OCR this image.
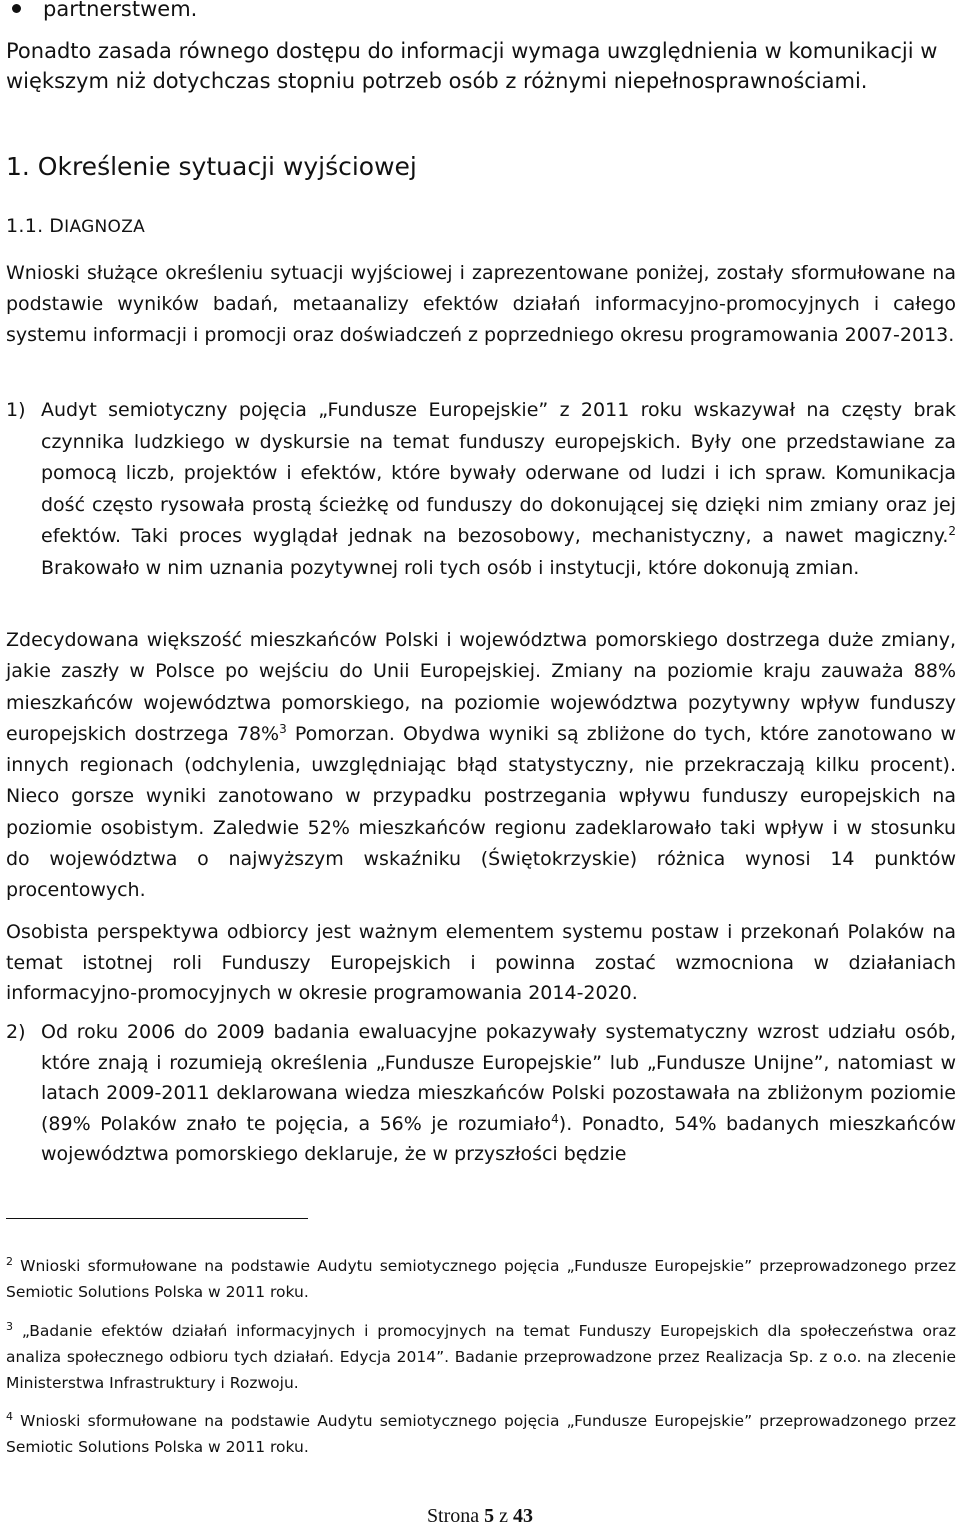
partnerstwem.
Ponadto zasada równego dostępu do informacji wymaga uwzględnienia w komunikacji w większym niż dotychczas stopniu potrzeb osób z różnymi niepełnosprawnościami.
1. Określenie sytuacji wyjściowej
1.1. DIAGNOZA
Wnioski służące określeniu sytuacji wyjściowej i zaprezentowane poniżej, zostały sformułowane na podstawie wyników badań, metaanalizy efektów działań informacyjno-promocyjnych i całego systemu informacji i promocji oraz doświadczeń z poprzedniego okresu programowania 2007-2013.
1) Audyt semiotyczny pojęcia „Fundusze Europejskie” z 2011 roku wskazywał na częsty brak czynnika ludzkiego w dyskursie na temat funduszy europejskich. Były one przedstawiane za pomocą liczb, projektów i efektów, które bywały oderwane od ludzi i ich spraw. Komunikacja dość często rysowała prostą ścieżkę od funduszy do dokonującej się dzięki nim zmiany oraz jej efektów. Taki proces wyglądał jednak na bezosobowy, mechanistyczny, a nawet magiczny.$^2$ Brakowało w nim uznania pozytywnej roli tych osób i instytucji, które dokonują zmian.
Zdecydowana większość mieszkańców Polski i województwa pomorskiego dostrzega duże zmiany, jakie zaszły w Polsce po wejściu do Unii Europejskiej. Zmiany na poziomie kraju zauważa 88% mieszkańców województwa pomorskiego, na poziomie województwa pozytywny wpływ funduszy europejskich dostrzega 78%$^3$ Pomorzan. Obydwa wyniki są zbliżone do tych, które zanotowano w innych regionach (odchylenia, uwzględniając błąd statystyczny, nie przekraczają kilku procent). Nieco gorsze wyniki zanotowano w przypadku postrzegania wpływu funduszy europejskich na poziomie osobistym. Zaledwie 52% mieszkańców regionu zadeklarowało taki wpływ i w stosunku do województwa o najwyższym wskaźniku (Świętokrzyskie) różnica wynosi 14 punktów procentowych.
Osobista perspektywa odbiorcy jest ważnym elementem systemu postaw i przekonań Polaków na temat istotnej roli Funduszy Europejskich i powinna zostać wzmocniona w działaniach informacyjno-promocyjnych w okresie programowania 2014-2020.
2) Od roku 2006 do 2009 badania ewaluacyjne pokazywały systematyczny wzrost udziału osób, które znają i rozumieją określenia „Fundusze Europejskie” lub „Fundusze Unijne”, natomiast w latach 2009-2011 deklarowana wiedza mieszkańców Polski pozostawała na zbliżonym poziomie (89% Polaków znało te pojęcia, a 56% je rozumiało$^4$). Ponadto, 54% badanych mieszkańców województwa pomorskiego deklaruje, że w przyszłości będzie
$^2$ Wnioski sformułowane na podstawie Audytu semiotycznego pojęcia „Fundusze Europejskie” przeprowadzonego przez Semiotic Solutions Polska w 2011 roku.
$^3$ „Badanie efektów działań informacyjnych i promocyjnych na temat Funduszy Europejskich dla społeczeństwa oraz analiza społecznego odbioru tych działań. Edycja 2014”. Badanie przeprowadzone przez Realizacja Sp. z o.o. na zlecenie Ministerstwa Infrastruktury i Rozwoju.
$^4$ Wnioski sformułowane na podstawie Audytu semiotycznego pojęcia „Fundusze Europejskie” przeprowadzonego przez Semiotic Solutions Polska w 2011 roku.
Strona 5 z 43
